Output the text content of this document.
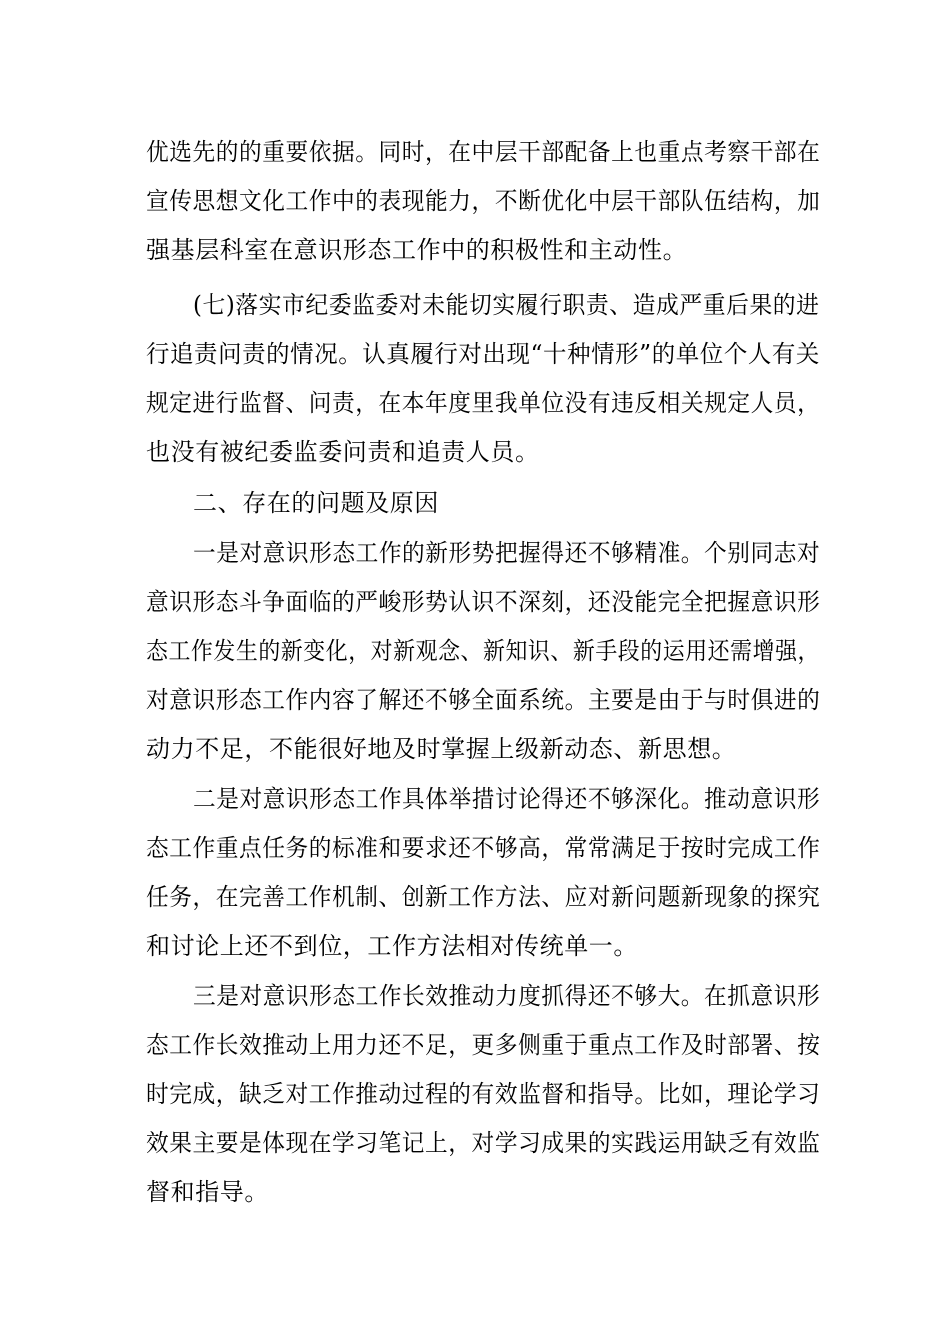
优选先的的重要依据。同时，在中层干部配备上也重点考察干部在
宣传思想文化工作中的表现能力，不断优化中层干部队伍结构，加
强基层科室在意识形态工作中的积极性和主动性。
(七)落实市纪委监委对未能切实履行职责、造成严重后果的进
行追责问责的情况。认真履行对出现“十种情形”的单位个人有关
规定进行监督、问责，在本年度里我单位没有违反相关规定人员，
也没有被纪委监委问责和追责人员。
二、存在的问题及原因
一是对意识形态工作的新形势把握得还不够精准。个别同志对
意识形态斗争面临的严峻形势认识不深刻，还没能完全把握意识形
态工作发生的新变化，对新观念、新知识、新手段的运用还需增强，
对意识形态工作内容了解还不够全面系统。主要是由于与时俱进的
动力不足，不能很好地及时掌握上级新动态、新思想。
二是对意识形态工作具体举措讨论得还不够深化。推动意识形
态工作重点任务的标准和要求还不够高，常常满足于按时完成工作
任务，在完善工作机制、创新工作方法、应对新问题新现象的探究
和讨论上还不到位，工作方法相对传统单一。
三是对意识形态工作长效推动力度抓得还不够大。在抓意识形
态工作长效推动上用力还不足，更多侧重于重点工作及时部署、按
时完成，缺乏对工作推动过程的有效监督和指导。比如，理论学习
效果主要是体现在学习笔记上，对学习成果的实践运用缺乏有效监
督和指导。
